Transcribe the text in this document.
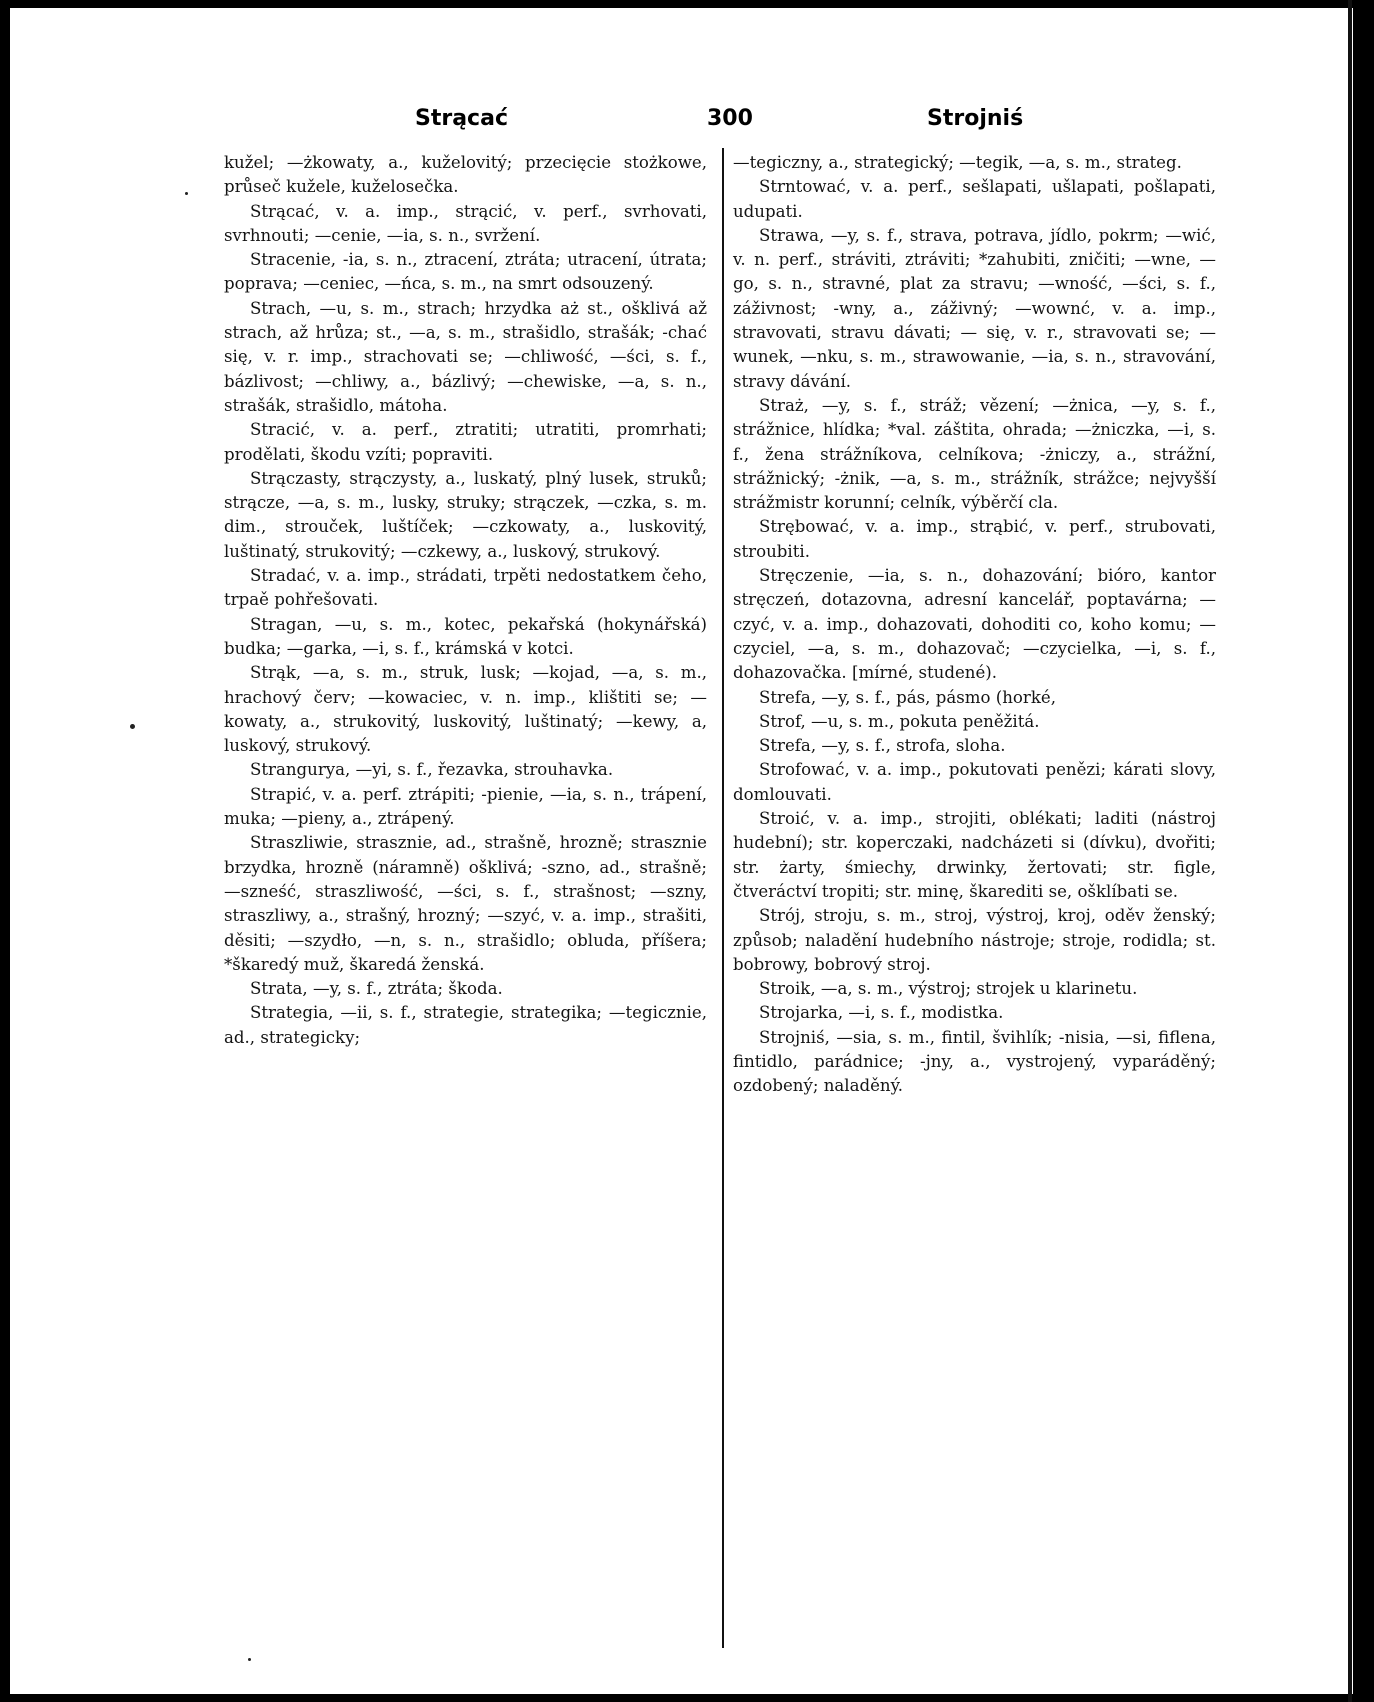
Strącać	300	Strojniś

kužel; —żkowaty, a., kuželovitý; przecięcie stożkowe, průseč kužele, kuželosečka.

Strącać, v. a. imp., strącić, v. perf., svrhovati, svrhnouti; —cenie, —ia, s. n., svržení.

Stracenie, -ia, s. n., ztracení, ztráta; utracení, útrata; poprava; —ceniec, —ńca, s. m., na smrt odsouzený.

Strach, —u, s. m., strach; hrzydka aż st., ošklivá až strach, až hrůza; st., —a, s. m., strašidlo, strašák; -chać się, v. r. imp., strachovati se; —chliwość, —ści, s. f., bázlivost; —chliwy, a., bázlivý; —chewiske, —a, s. n., strašák, strašidlo, mátoha.

Stracić, v. a. perf., ztratiti; utratiti, promrhati; prodělati, škodu vzíti; popraviti.

Strączasty, strączysty, a., luskatý, plný lusek, struků; strącze, —a, s. m., lusky, struky; strączek, —czka, s. m. dim., strouček, luštíček; —czkowaty, a., luskovitý, luštinatý, strukovitý; —czkewy, a., luskový, strukový.

Stradać, v. a. imp., strádati, trpěti nedostatkem čeho, trpaě pohřešovati.

Stragan, —u, s. m., kotec, pekařská (hokynářská) budka; —garka, —i, s. f., krámská v kotci.

Strąk, —a, s. m., struk, lusk; —kojad, —a, s. m., hrachový červ; —kowaciec, v. n. imp., klištiti se; —kowaty, a., strukovitý, luskovitý, luštinatý; —kewy, a, luskový, strukový.

Strangurya, —yi, s. f., řezavka, strouhavka.

Strapić, v. a. perf. ztrápiti; -pienie, —ia, s. n., trápení, muka; —pieny, a., ztrápený.

Straszliwie, strasznie, ad., strašně, hrozně; strasznie brzydka, hrozně (náramně) ošklivá; -szno, ad., strašně; —szneść, straszliwość, —ści, s. f., strašnost; —szny, straszliwy, a., strašný, hrozný; —szyć, v. a. imp., strašiti, děsiti; —szydło, —n, s. n., strašidlo; obluda, příšera; *škaredý muž, škaredá ženská.

Strata, —y, s. f., ztráta; škoda.

Strategia, —ii, s. f., strategie, strategika; —tegicznie, ad., strategicky;

—tegiczny, a., strategický; —tegik, —a, s. m., strateg.

Strntować, v. a. perf., sešlapati, ušlapati, pošlapati, udupati.

Strawa, —y, s. f., strava, potrava, jídlo, pokrm; —wić, v. n. perf., stráviti, ztráviti; *zahubiti, zničiti; —wne, —go, s. n., stravné, plat za stravu; —wność, —ści, s. f., záživnost; -wny, a., záživný; —wownć, v. a. imp., stravovati, stravu dávati; — się, v. r., stravovati se; —wunek, —nku, s. m., strawowanie, —ia, s. n., stravování, stravy dávání.

Straż, —y, s. f., stráž; vězení; —żnica, —y, s. f., strážnice, hlídka; *val. záštita, ohrada; —żniczka, —i, s. f., žena strážníkova, celníkova; -żniczy, a., strážní, strážnický; -żnik, —a, s. m., strážník, strážce; nejvyšší strážmistr korunní; celník, výběrčí cla.

Strębować, v. a. imp., strąbić, v. perf., strubovati, stroubiti.

Stręczenie, —ia, s. n., dohazování; bióro, kantor stręczeń, dotazovna, adresní kancelář, poptavárna; —czyć, v. a. imp., dohazovati, dohoditi co, koho komu; —czyciel, —a, s. m., dohazovač; —czycielka, —i, s. f., dohazovačka. [mírné, studené).

Strefa, —y, s. f., pás, pásmo (horké,

Strof, —u, s. m., pokuta peněžitá.

Strefa, —y, s. f., strofa, sloha.

Strofować, v. a. imp., pokutovati penězi; kárati slovy, domlouvati.

Stroić, v. a. imp., strojiti, oblékati; laditi (nástroj hudební); str. koperczaki, nadcházeti si (dívku), dvořiti; str. żarty, śmiechy, drwinky, žertovati; str. figle, čtveráctví tropiti; str. minę, škarediti se, ošklíbati se.

Strój, stroju, s. m., stroj, výstroj, kroj, oděv ženský; způsob; naladění hudebního nástroje; stroje, rodidla; st. bobrowy, bobrový stroj.

Stroik, —a, s. m., výstroj; strojek u klarinetu.

Strojarka, —i, s. f., modistka.

Strojniś, —sia, s. m., fintil, švihlík; -nisia, —si, fiflena, fintidlo, parádnice; -jny, a., vystrojený, vyparáděný; ozdobený; naladěný.
